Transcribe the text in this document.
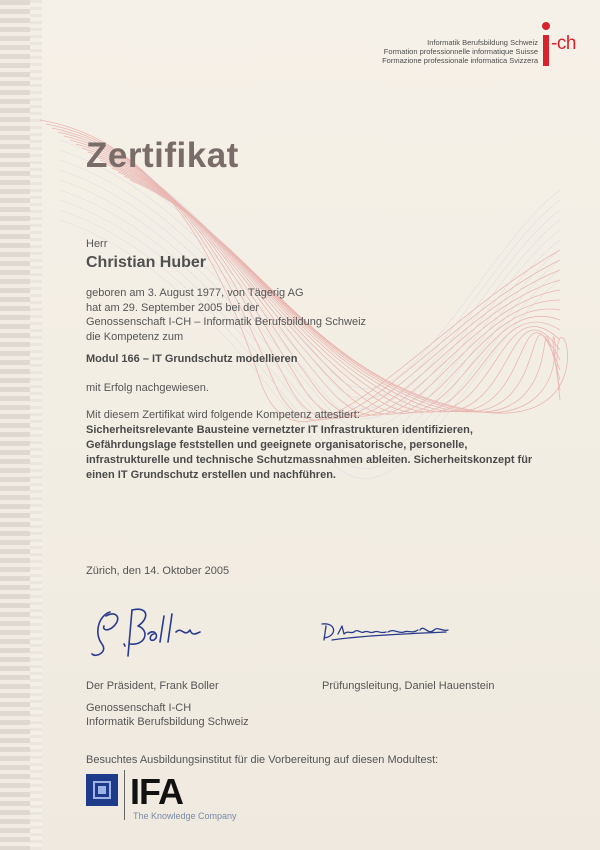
Informatik Berufsbildung Schweiz
Formation professionnelle informatique Suisse
Formazione professionale informatica Svizzera
-ch
Zertifikat
Herr
Christian Huber
geboren am 3. August 1977, von Tägerig AG
hat am 29. September 2005 bei der
Genossenschaft I-CH – Informatik Berufsbildung Schweiz
die Kompetenz zum
Modul 166 – IT Grundschutz modellieren
mit Erfolg nachgewiesen.
Mit diesem Zertifikat wird folgende Kompetenz attestiert:
Sicherheitsrelevante Bausteine vernetzter IT Infrastrukturen identifizieren, Gefährdungslage feststellen und geeignete organisatorische, personelle, infrastrukturelle und technische Schutzmassnahmen ableiten. Sicherheitskonzept für einen IT Grundschutz erstellen und nachführen.
Zürich, den 14. Oktober 2005
Der Präsident, Frank Boller	Prüfungsleitung, Daniel Hauenstein
Genossenschaft I-CH
Informatik Berufsbildung Schweiz
Besuchtes Ausbildungsinstitut für die Vorbereitung auf diesen Modultest:
IFA
The Knowledge Company
